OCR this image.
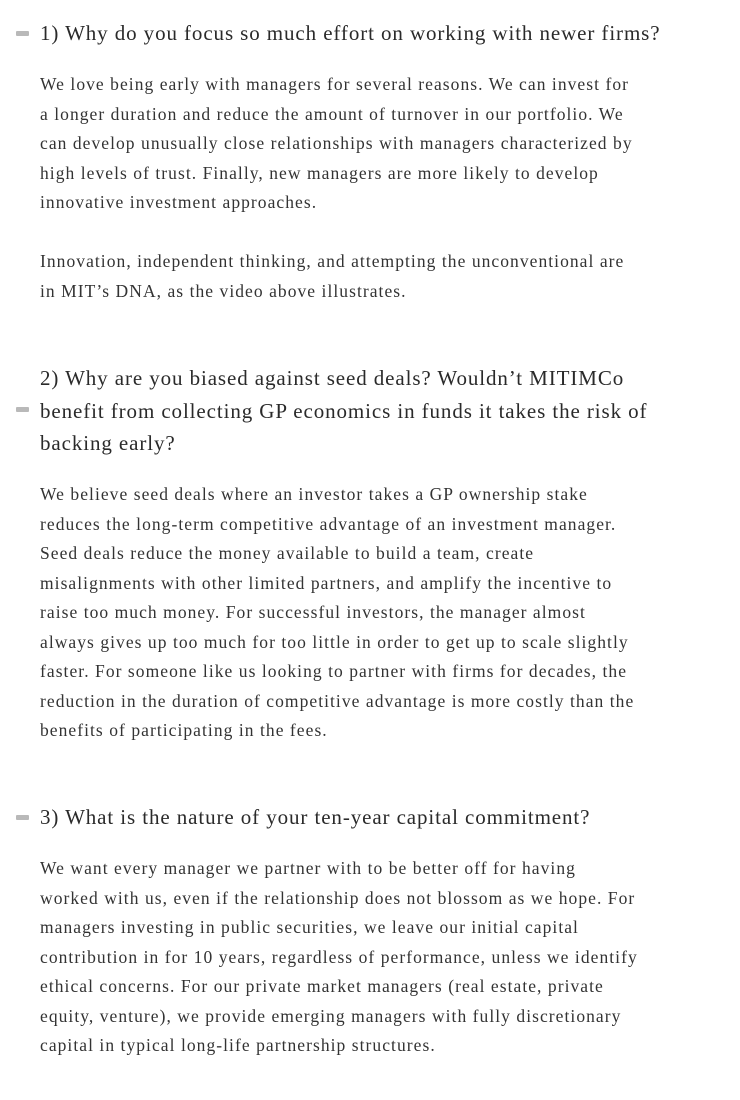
1) Why do you focus so much effort on working with newer firms?
We love being early with managers for several reasons. We can invest for
a longer duration and reduce the amount of turnover in our portfolio. We
can develop unusually close relationships with managers characterized by
high levels of trust. Finally, new managers are more likely to develop
innovative investment approaches.
Innovation, independent thinking, and attempting the unconventional are
in MIT’s DNA, as the video above illustrates.
2) Why are you biased against seed deals? Wouldn’t MITIMCo
benefit from collecting GP economics in funds it takes the risk of
backing early?
We believe seed deals where an investor takes a GP ownership stake
reduces the long-term competitive advantage of an investment manager.
Seed deals reduce the money available to build a team, create
misalignments with other limited partners, and amplify the incentive to
raise too much money. For successful investors, the manager almost
always gives up too much for too little in order to get up to scale slightly
faster. For someone like us looking to partner with firms for decades, the
reduction in the duration of competitive advantage is more costly than the
benefits of participating in the fees.
3) What is the nature of your ten-year capital commitment?
We want every manager we partner with to be better off for having
worked with us, even if the relationship does not blossom as we hope. For
managers investing in public securities, we leave our initial capital
contribution in for 10 years, regardless of performance, unless we identify
ethical concerns. For our private market managers (real estate, private
equity, venture), we provide emerging managers with fully discretionary
capital in typical long-life partnership structures.
